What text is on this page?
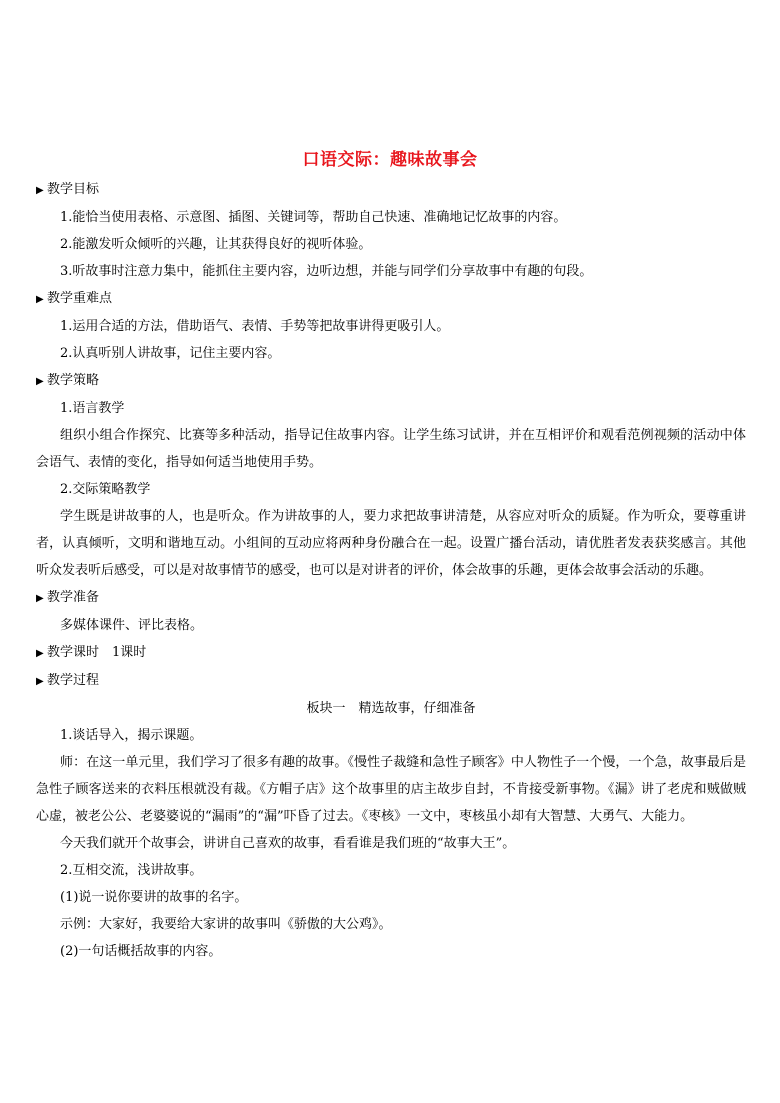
口语交际：趣味故事会

▶ 教学目标

1.能恰当使用表格、示意图、插图、关键词等，帮助自己快速、准确地记忆故事的内容。

2.能激发听众倾听的兴趣，让其获得良好的视听体验。

3.听故事时注意力集中，能抓住主要内容，边听边想，并能与同学们分享故事中有趣的句段。

▶ 教学重难点

1.运用合适的方法，借助语气、表情、手势等把故事讲得更吸引人。

2.认真听别人讲故事，记住主要内容。

▶ 教学策略

1.语言教学

组织小组合作探究、比赛等多种活动，指导记住故事内容。让学生练习试讲，并在互相评价和观看范例视频的活动中体会语气、表情的变化，指导如何适当地使用手势。

2.交际策略教学

学生既是讲故事的人，也是听众。作为讲故事的人，要力求把故事讲清楚，从容应对听众的质疑。作为听众，要尊重讲者，认真倾听，文明和谐地互动。小组间的互动应将两种身份融合在一起。设置广播台活动，请优胜者发表获奖感言。其他听众发表听后感受，可以是对故事情节的感受，也可以是对讲者的评价，体会故事的乐趣，更体会故事会活动的乐趣。

▶ 教学准备

多媒体课件、评比表格。

▶ 教学课时　1课时

▶ 教学过程

板块一　精选故事，仔细准备

1.谈话导入，揭示课题。

师：在这一单元里，我们学习了很多有趣的故事。《慢性子裁缝和急性子顾客》中人物性子一个慢，一个急，故事最后是急性子顾客送来的衣料压根就没有裁。《方帽子店》这个故事里的店主故步自封，不肯接受新事物。《漏》讲了老虎和贼做贼心虚，被老公公、老婆婆说的“漏雨”的“漏”吓昏了过去。《枣核》一文中，枣核虽小却有大智慧、大勇气、大能力。

今天我们就开个故事会，讲讲自己喜欢的故事，看看谁是我们班的“故事大王”。

2.互相交流，浅讲故事。

(1)说一说你要讲的故事的名字。

示例：大家好，我要给大家讲的故事叫《骄傲的大公鸡》。

(2)一句话概括故事的内容。
